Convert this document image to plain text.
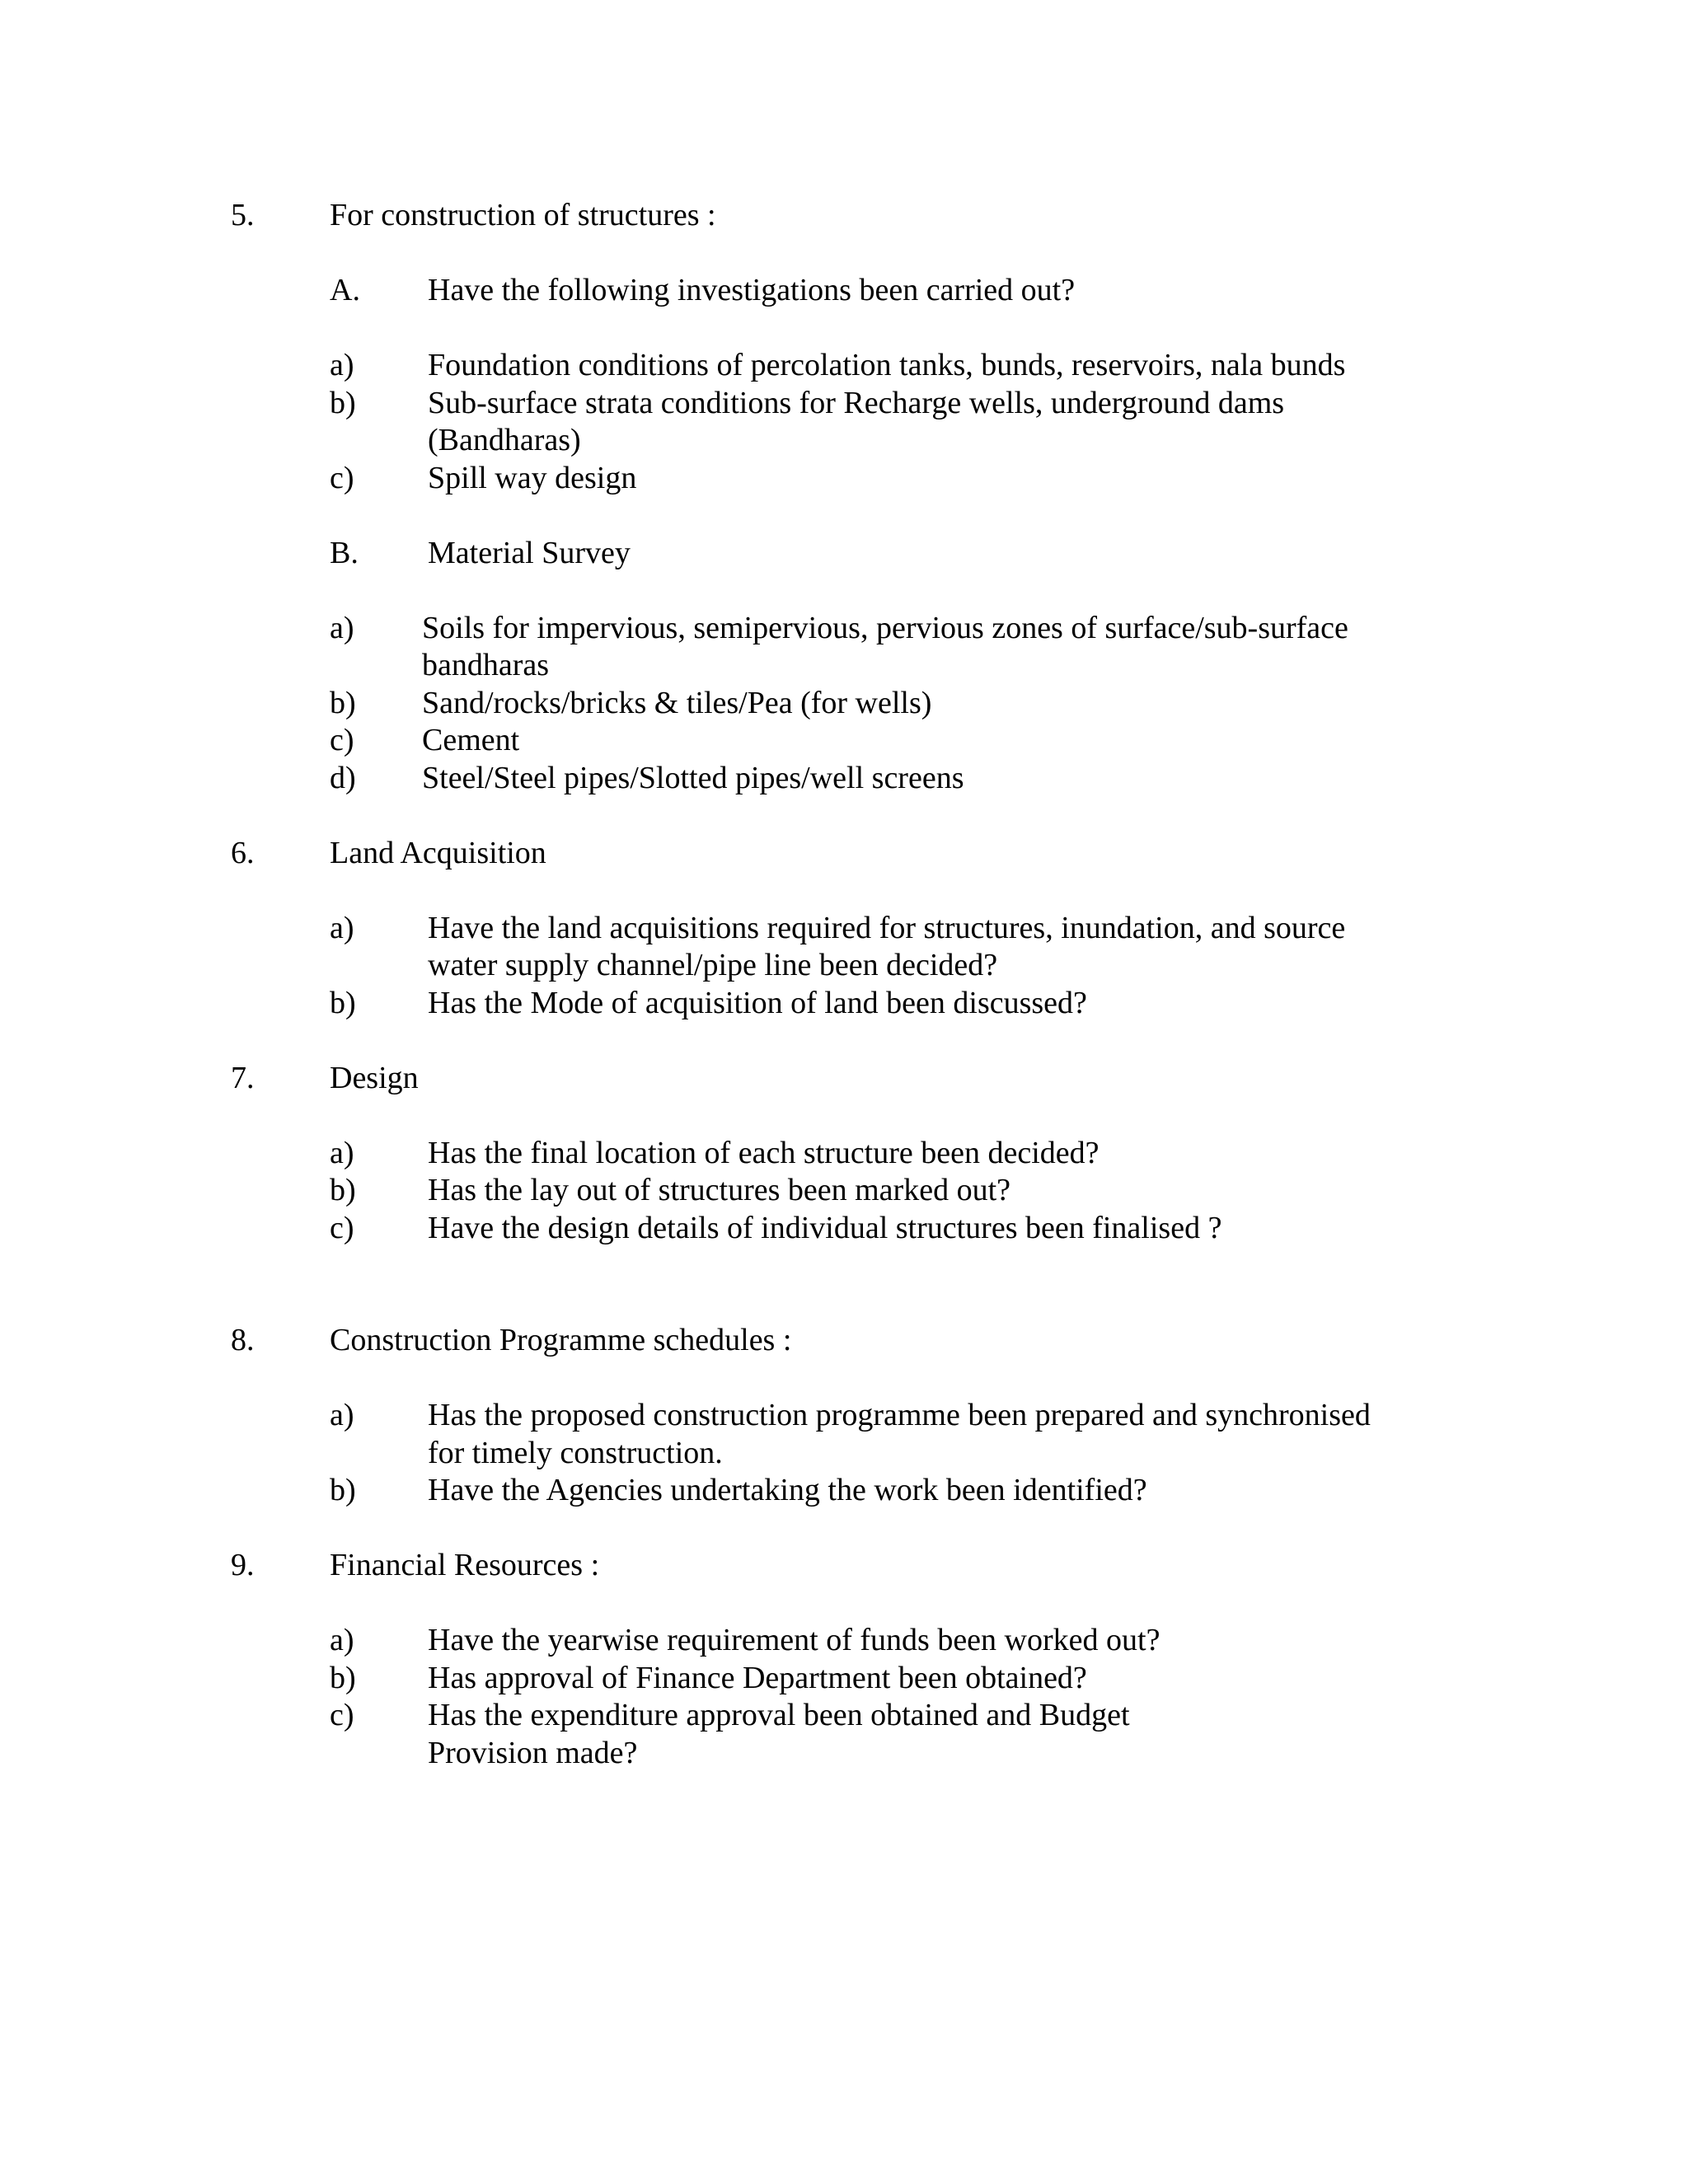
5. For construction of structures :
A. Have the following investigations been carried out?
a) Foundation conditions of percolation tanks, bunds, reservoirs, nala bunds
b) Sub-surface strata conditions for Recharge wells, underground dams
(Bandharas)
c) Spill way design
B. Material Survey
a) Soils for impervious, semipervious, pervious zones of surface/sub-surface
bandharas
b) Sand/rocks/bricks & tiles/Pea (for wells)
c) Cement
d) Steel/Steel pipes/Slotted pipes/well screens
6. Land Acquisition
a) Have the land acquisitions required for structures, inundation, and source
water supply channel/pipe line been decided?
b) Has the Mode of acquisition of land been discussed?
7. Design
a) Has the final location of each structure been decided?
b) Has the lay out of structures been marked out?
c) Have the design details of individual structures been finalised ?
8. Construction Programme schedules :
a) Has the proposed construction programme been prepared and synchronised
for timely construction.
b) Have the Agencies undertaking the work been identified?
9. Financial Resources :
a) Have the yearwise requirement of funds been worked out?
b) Has approval of Finance Department been obtained?
c) Has the expenditure approval been obtained and Budget
Provision made?
